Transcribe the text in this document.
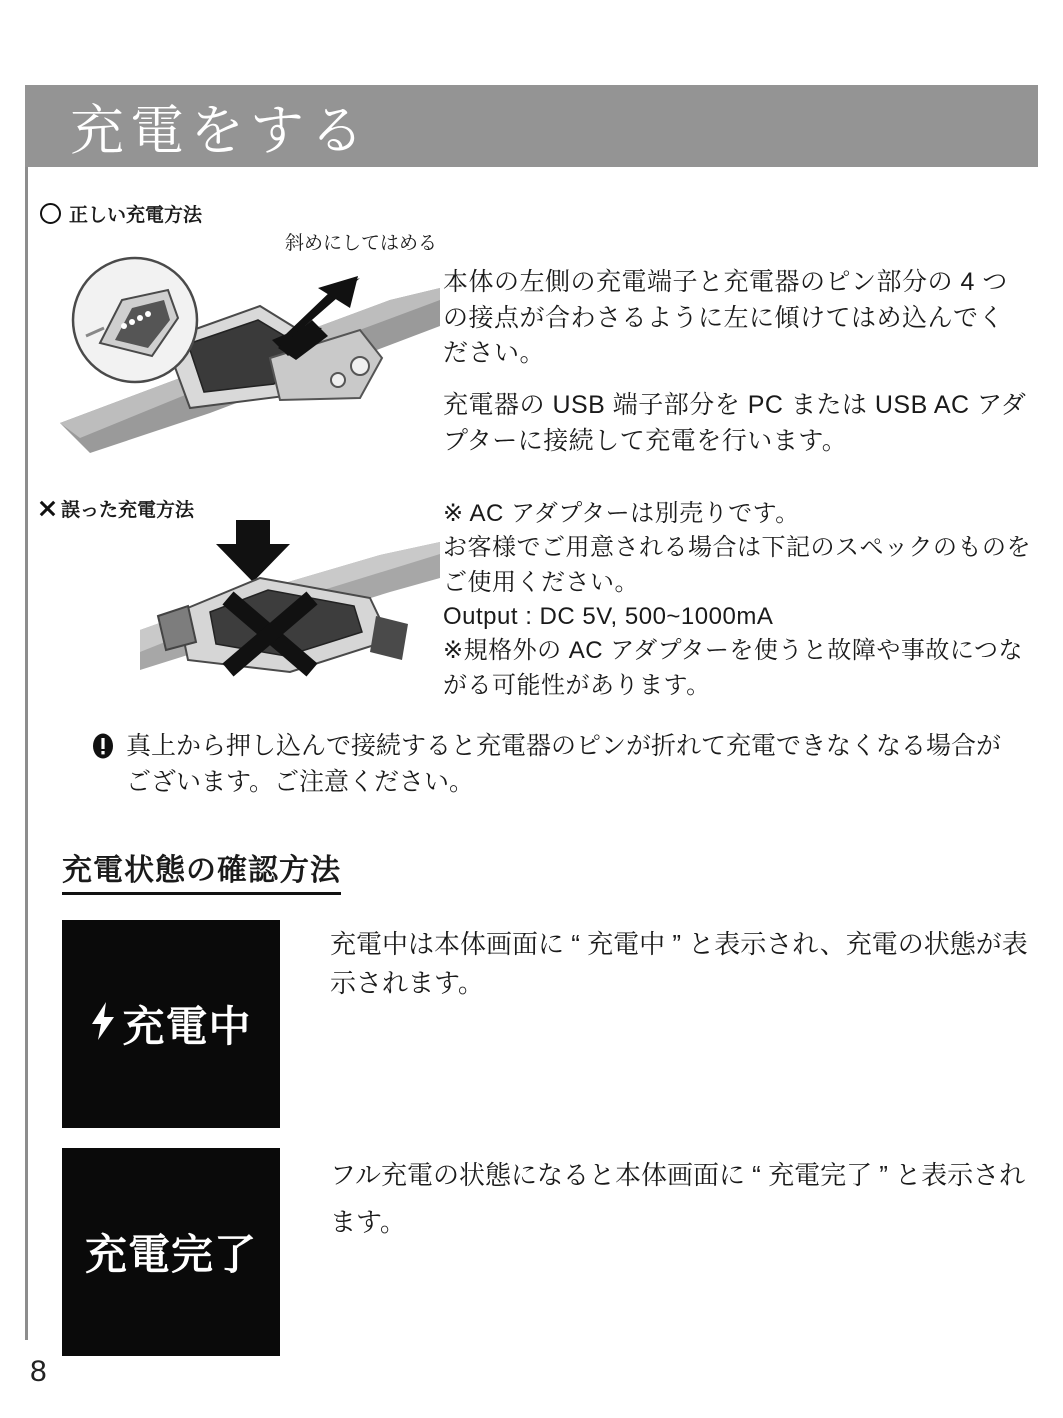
充電をする
正しい充電方法
斜めにしてはめる
誤った充電方法
本体の左側の充電端子と充電器のピン部分の 4 つの接点が合わさるように左に傾けてはめ込んでください。
充電器の USB 端子部分を PC または USB AC アダプターに接続して充電を行います。
※ AC アダプターは別売りです。
お客様でご用意される場合は下記のスペックのものをご使用ください。
Output : DC 5V, 500~1000mA
※規格外の AC アダプターを使うと故障や事故につながる可能性があります。
真上から押し込んで接続すると充電器のピンが折れて充電できなくなる場合がございます。ご注意ください。
充電状態の確認方法
充電中
充電中は本体画面に “ 充電中 ” と表示され、充電の状態が表示されます。
充電完了
フル充電の状態になると本体画面に “ 充電完了 ” と表示されます。
8
